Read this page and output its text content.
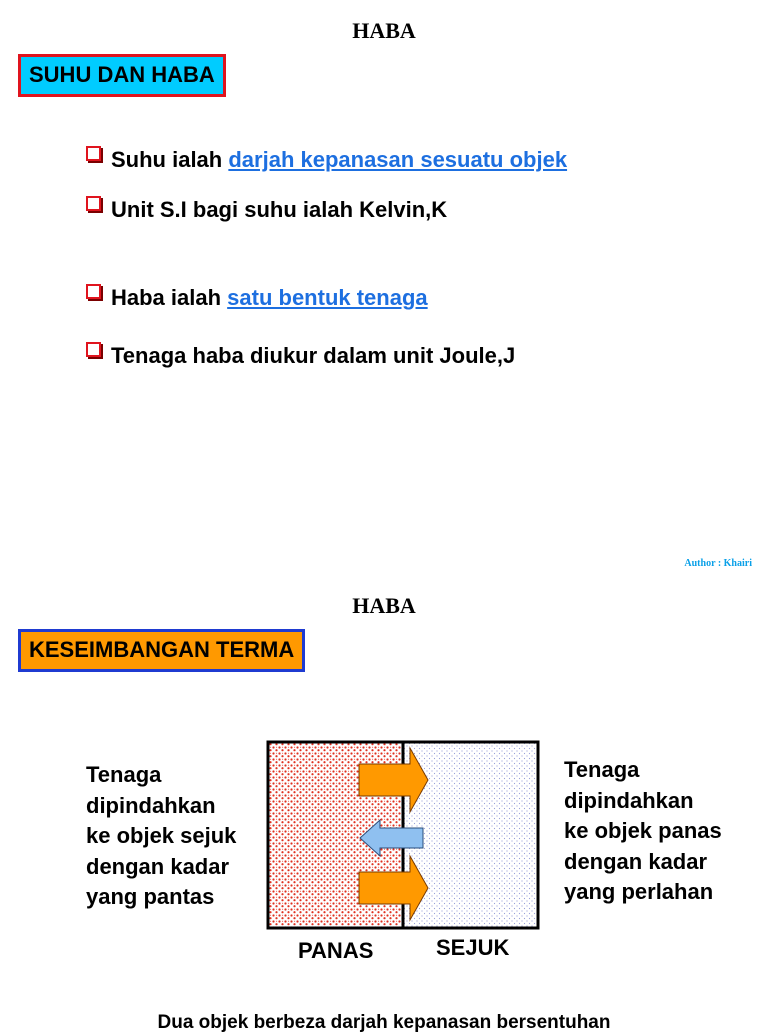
HABA
SUHU DAN HABA
Suhu ialah darjah kepanasan sesuatu objek
Unit S.I bagi suhu ialah Kelvin,K
Haba ialah satu bentuk tenaga
Tenaga haba diukur dalam unit Joule,J
Author : Khairi
HABA
KESEIMBANGAN TERMA
Tenaga
dipindahkan
ke objek sejuk
dengan kadar
yang pantas
Tenaga
dipindahkan
ke objek panas
dengan kadar
yang perlahan
PANAS	SEJUK
Dua objek berbeza darjah kepanasan bersentuhan
